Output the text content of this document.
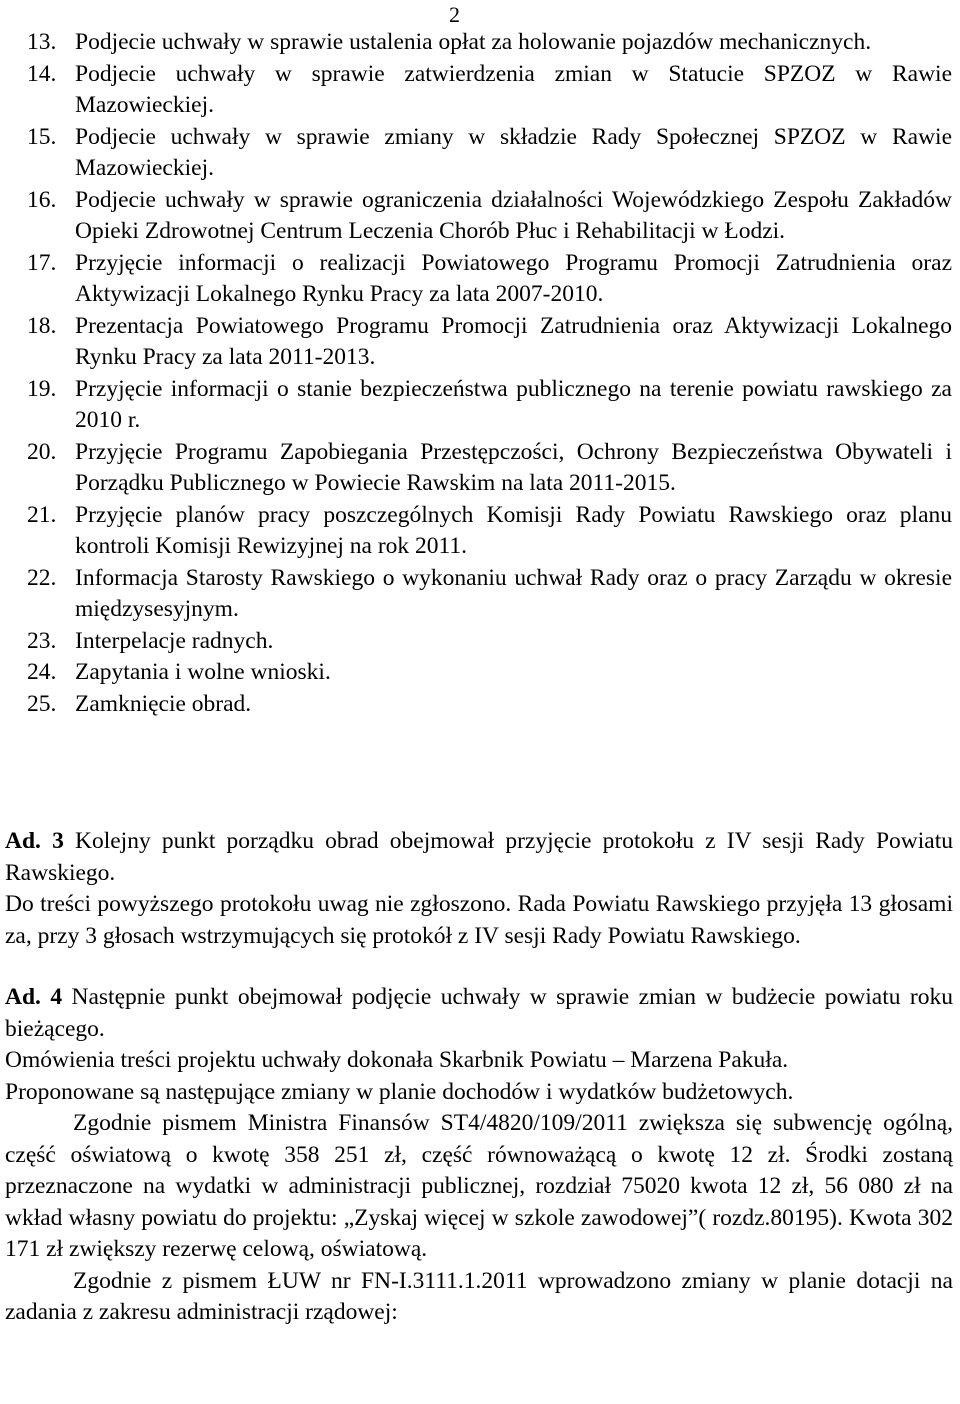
2
13. Podjecie uchwały w sprawie ustalenia opłat za holowanie pojazdów mechanicznych.
14. Podjecie uchwały w sprawie zatwierdzenia zmian w Statucie SPZOZ w Rawie Mazowieckiej.
15. Podjecie uchwały w sprawie zmiany w składzie Rady Społecznej SPZOZ w Rawie Mazowieckiej.
16. Podjecie uchwały w sprawie ograniczenia działalności Wojewódzkiego Zespołu Zakładów Opieki Zdrowotnej Centrum Leczenia Chorób Płuc i Rehabilitacji w Łodzi.
17. Przyjęcie informacji o realizacji Powiatowego Programu Promocji Zatrudnienia oraz Aktywizacji Lokalnego Rynku Pracy za lata 2007-2010.
18. Prezentacja Powiatowego Programu Promocji Zatrudnienia oraz Aktywizacji Lokalnego Rynku Pracy za lata 2011-2013.
19. Przyjęcie informacji o stanie bezpieczeństwa publicznego na terenie powiatu rawskiego za 2010 r.
20. Przyjęcie Programu Zapobiegania Przestępczości, Ochrony Bezpieczeństwa Obywateli i Porządku Publicznego w Powiecie Rawskim na lata 2011-2015.
21. Przyjęcie planów pracy poszczególnych Komisji Rady Powiatu Rawskiego oraz planu kontroli Komisji Rewizyjnej na rok 2011.
22. Informacja Starosty Rawskiego o wykonaniu uchwał Rady oraz o pracy Zarządu w okresie międzysesyjnym.
23. Interpelacje radnych.
24. Zapytania i wolne wnioski.
25. Zamknięcie obrad.

Ad. 3 Kolejny punkt porządku obrad obejmował przyjęcie protokołu z IV sesji Rady Powiatu Rawskiego.

Do treści powyższego protokołu uwag nie zgłoszono. Rada Powiatu Rawskiego przyjęła 13 głosami za, przy 3 głosach wstrzymujących się protokół z IV sesji Rady Powiatu Rawskiego.

Ad. 4 Następnie punkt obejmował podjęcie uchwały w sprawie zmian w budżecie powiatu roku bieżącego.

Omówienia treści projektu uchwały dokonała Skarbnik Powiatu – Marzena Pakuła.

Proponowane są następujące zmiany w planie dochodów i wydatków budżetowych.

Zgodnie pismem Ministra Finansów ST4/4820/109/2011 zwiększa się subwencję ogólną, część oświatową o kwotę 358 251 zł, część równoważącą o kwotę 12 zł. Środki zostaną przeznaczone na wydatki w administracji publicznej, rozdział 75020 kwota 12 zł, 56 080 zł na wkład własny powiatu do projektu: „Zyskaj więcej w szkole zawodowej”( rozdz.80195). Kwota 302 171 zł zwiększy rezerwę celową, oświatową.

Zgodnie z pismem ŁUW nr FN-I.3111.1.2011 wprowadzono zmiany w planie dotacji na zadania z zakresu administracji rządowej:
